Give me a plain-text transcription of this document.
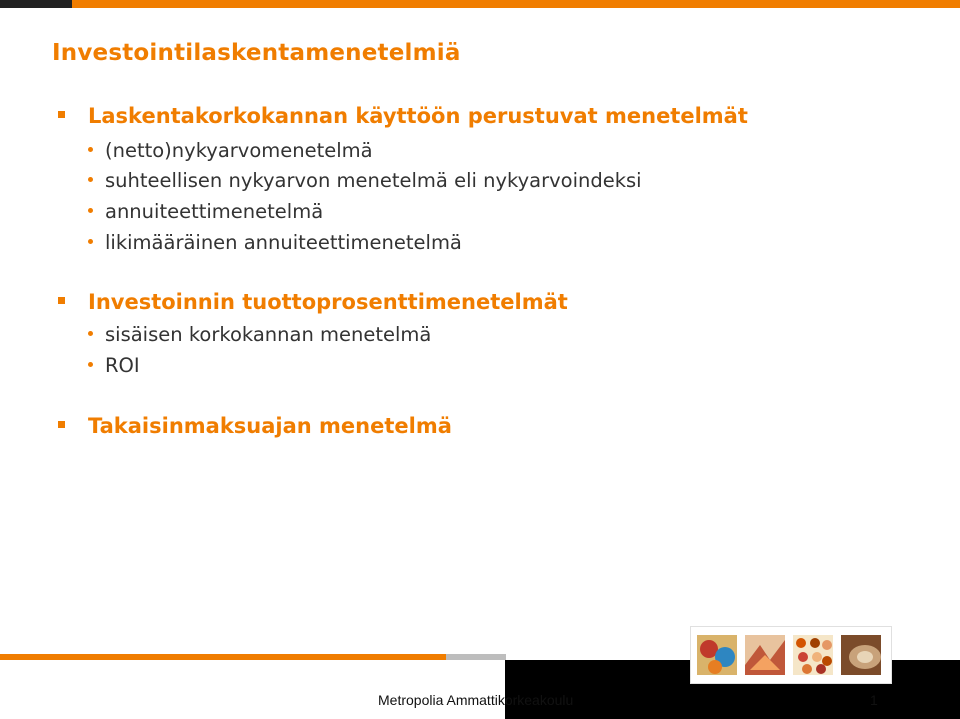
Investointilaskentamenetelmiä
Laskentakorkokannan käyttöön perustuvat menetelmät
(netto)nykyarvomenetelmä
suhteellisen nykyarvon menetelmä eli nykyarvoindeksi
annuiteettimenetelmä
likimääräinen annuiteettimenetelmä
Investoinnin tuottoprosenttimenetelmät
sisäisen korkokannan menetelmä
ROI
Takaisinmaksuajan menetelmä
Metropolia Ammattikorkeakoulu	1
